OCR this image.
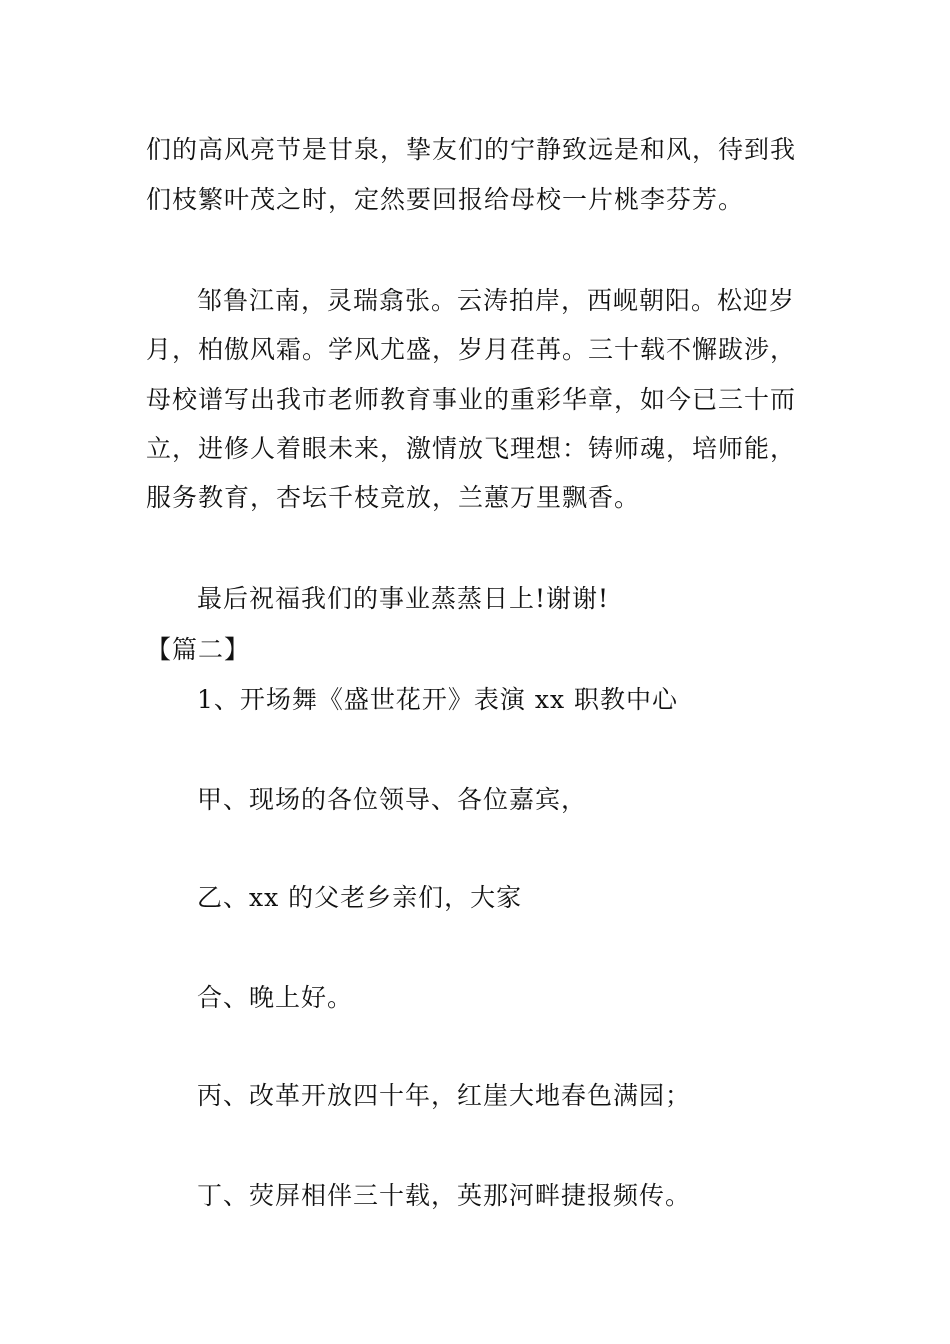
们的高风亮节是甘泉，挚友们的宁静致远是和风，待到我
们枝繁叶茂之时，定然要回报给母校一片桃李芬芳。
邹鲁江南，灵瑞翕张。云涛拍岸，西岘朝阳。松迎岁
月，柏傲风霜。学风尤盛，岁月荏苒。三十载不懈跋涉，
母校谱写出我市老师教育事业的重彩华章，如今已三十而
立，进修人着眼未来，激情放飞理想：铸师魂，培师能，
服务教育，杏坛千枝竞放，兰蕙万里飘香。
最后祝福我们的事业蒸蒸日上!谢谢!
【篇二】
1、开场舞《盛世花开》表演 xx 职教中心
甲、现场的各位领导、各位嘉宾，
乙、xx 的父老乡亲们，大家
合、晚上好。
丙、改革开放四十年，红崖大地春色满园；
丁、荧屏相伴三十载，英那河畔捷报频传。
